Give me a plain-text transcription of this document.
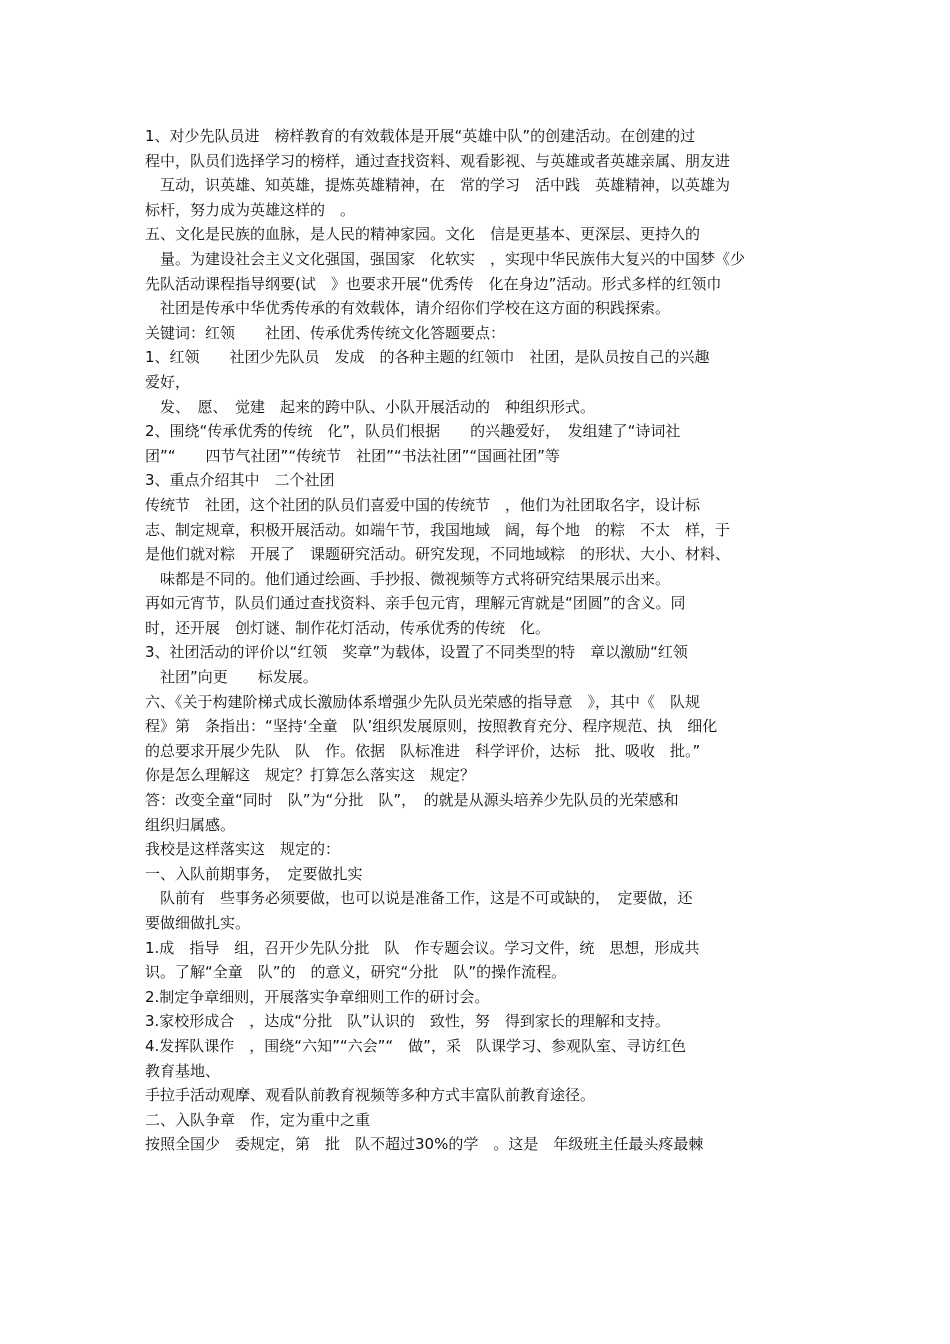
1、对少先队员进　榜样教育的有效载体是开展“英雄中队”的创建活动。在创建的过
程中，队员们选择学习的榜样，通过查找资料、观看影视、与英雄或者英雄亲属、朋友进
　互动，识英雄、知英雄，提炼英雄精神，在　常的学习　活中践　英雄精神，以英雄为
标杆，努力成为英雄这样的　。
五、文化是民族的血脉，是人民的精神家园。文化　信是更基本、更深层、更持久的
　量。为建设社会主义文化强国，强国家　化软实　，实现中华民族伟大复兴的中国梦《少
先队活动课程指导纲要(试　》也要求开展“优秀传　化在身边”活动。形式多样的红领巾
　社团是传承中华优秀传承的有效载体，请介绍你们学校在这方面的积践探索。
关键词：红领　　社团、传承优秀传统文化答题要点：
1、红领　　社团少先队员　发成　的各种主题的红领巾　社团，是队员按自己的兴趣
爱好，
　发、　愿、　觉建　起来的跨中队、小队开展活动的　种组织形式。
2、围绕“传承优秀的传统　化”，队员们根据　　的兴趣爱好，　发组建了“诗词社
团”“　　四节气社团”“传统节　社团”“书法社团”“国画社团”等
3、重点介绍其中　二个社团
传统节　社团，这个社团的队员们喜爱中国的传统节　，他们为社团取名字，设计标
志、制定规章，积极开展活动。如端午节，我国地域　阔，每个地　的粽　不太　样，于
是他们就对粽　开展了　课题研究活动。研究发现，不同地域粽　的形状、大小、材料、
　味都是不同的。他们通过绘画、手抄报、微视频等方式将研究结果展示出来。
再如元宵节，队员们通过查找资料、亲手包元宵，理解元宵就是“团圆”的含义。同
时，还开展　创灯谜、制作花灯活动，传承优秀的传统　化。
3、社团活动的评价以“红领　奖章”为载体，设置了不同类型的特　章以激励“红领
　社团”向更　　标发展。
六、《关于构建阶梯式成长激励体系增强少先队员光荣感的指导意　》，其中《　队规
程》第　条指出：“坚持‘全童　队’组织发展原则，按照教育充分、程序规范、执　细化
的总要求开展少先队　队　作。依据　队标准进　科学评价，达标　批、吸收　批。”
你是怎么理解这　规定？打算怎么落实这　规定？
答：改变全童“同时　队”为“分批　队”，　的就是从源头培养少先队员的光荣感和
组织归属感。
我校是这样落实这　规定的：
一、入队前期事务，　定要做扎实
　队前有　些事务必须要做，也可以说是准备工作，这是不可或缺的，　定要做，还
要做细做扎实。
1.成　指导　组，召开少先队分批　队　作专题会议。学习文件，统　思想，形成共
识。了解“全童　队”的　的意义，研究“分批　队”的操作流程。
2.制定争章细则，开展落实争章细则工作的研讨会。
3.家校形成合　，达成“分批　队”认识的　致性，努　得到家长的理解和支持。
4.发挥队课作　，围绕“六知”“六会”“　做”，采　队课学习、参观队室、寻访红色
教育基地、
手拉手活动观摩、观看队前教育视频等多种方式丰富队前教育途径。
二、入队争章　作，定为重中之重
按照全国少　委规定，第　批　队不超过30%的学　。这是　年级班主任最头疼最棘
